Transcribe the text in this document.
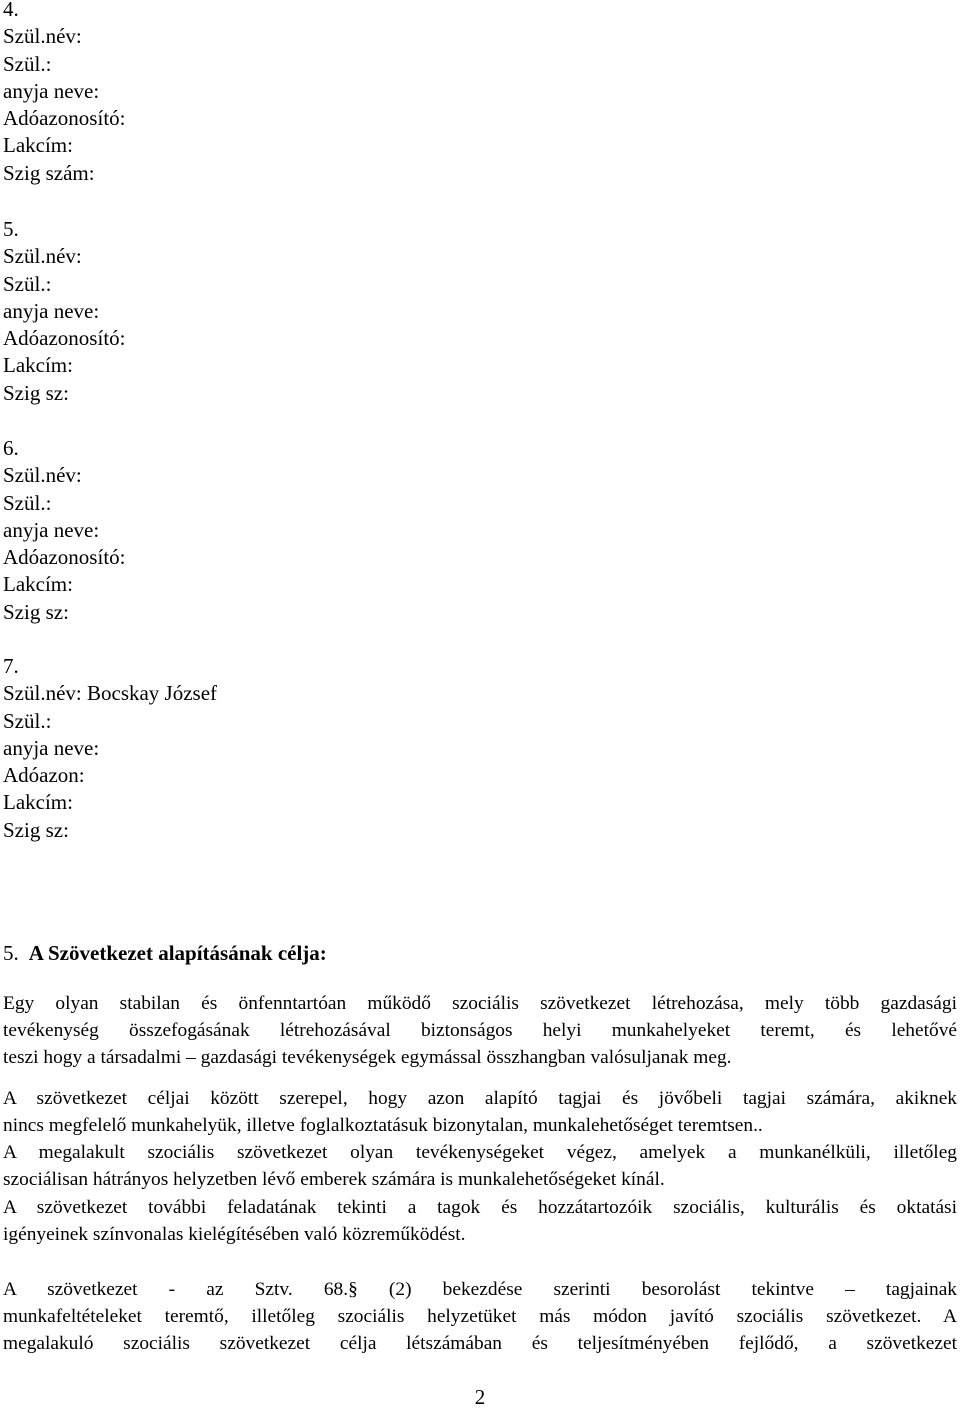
4.
Szül.név:
Szül.:
anyja neve:
Adóazonosító:
Lakcím:
Szig szám:
5.
Szül.név:
Szül.:
anyja neve:
Adóazonosító:
Lakcím:
Szig sz:
6.
Szül.név:
Szül.:
anyja neve:
Adóazonosító:
Lakcím:
Szig sz:
7.
Szül.név: Bocskay József
Szül.:
anyja neve:
Adóazon:
Lakcím:
Szig sz:
5. A Szövetkezet alapításának célja:
Egy olyan stabilan és önfenntartóan működő szociális szövetkezet létrehozása, mely több gazdasági
tevékenység összefogásának létrehozásával biztonságos helyi munkahelyeket teremt, és lehetővé
teszi hogy a társadalmi – gazdasági tevékenységek egymással összhangban valósuljanak meg.
A szövetkezet céljai között szerepel, hogy azon alapító tagjai és jövőbeli tagjai számára, akiknek
nincs megfelelő munkahelyük, illetve foglalkoztatásuk bizonytalan, munkalehetőséget teremtsen..
A megalakult szociális szövetkezet olyan tevékenységeket végez, amelyek a munkanélküli, illetőleg
szociálisan hátrányos helyzetben lévő emberek számára is munkalehetőségeket kínál.
A szövetkezet további feladatának tekinti a tagok és hozzátartozóik szociális, kulturális és oktatási
igényeinek színvonalas kielégítésében való közreműködést.
A szövetkezet - az Sztv. 68.§ (2) bekezdése szerinti besorolást tekintve – tagjainak
munkafeltételeket teremtő, illetőleg szociális helyzetüket más módon javító szociális szövetkezet. A
megalakuló szociális szövetkezet célja létszámában és teljesítményében fejlődő, a szövetkezet
2
